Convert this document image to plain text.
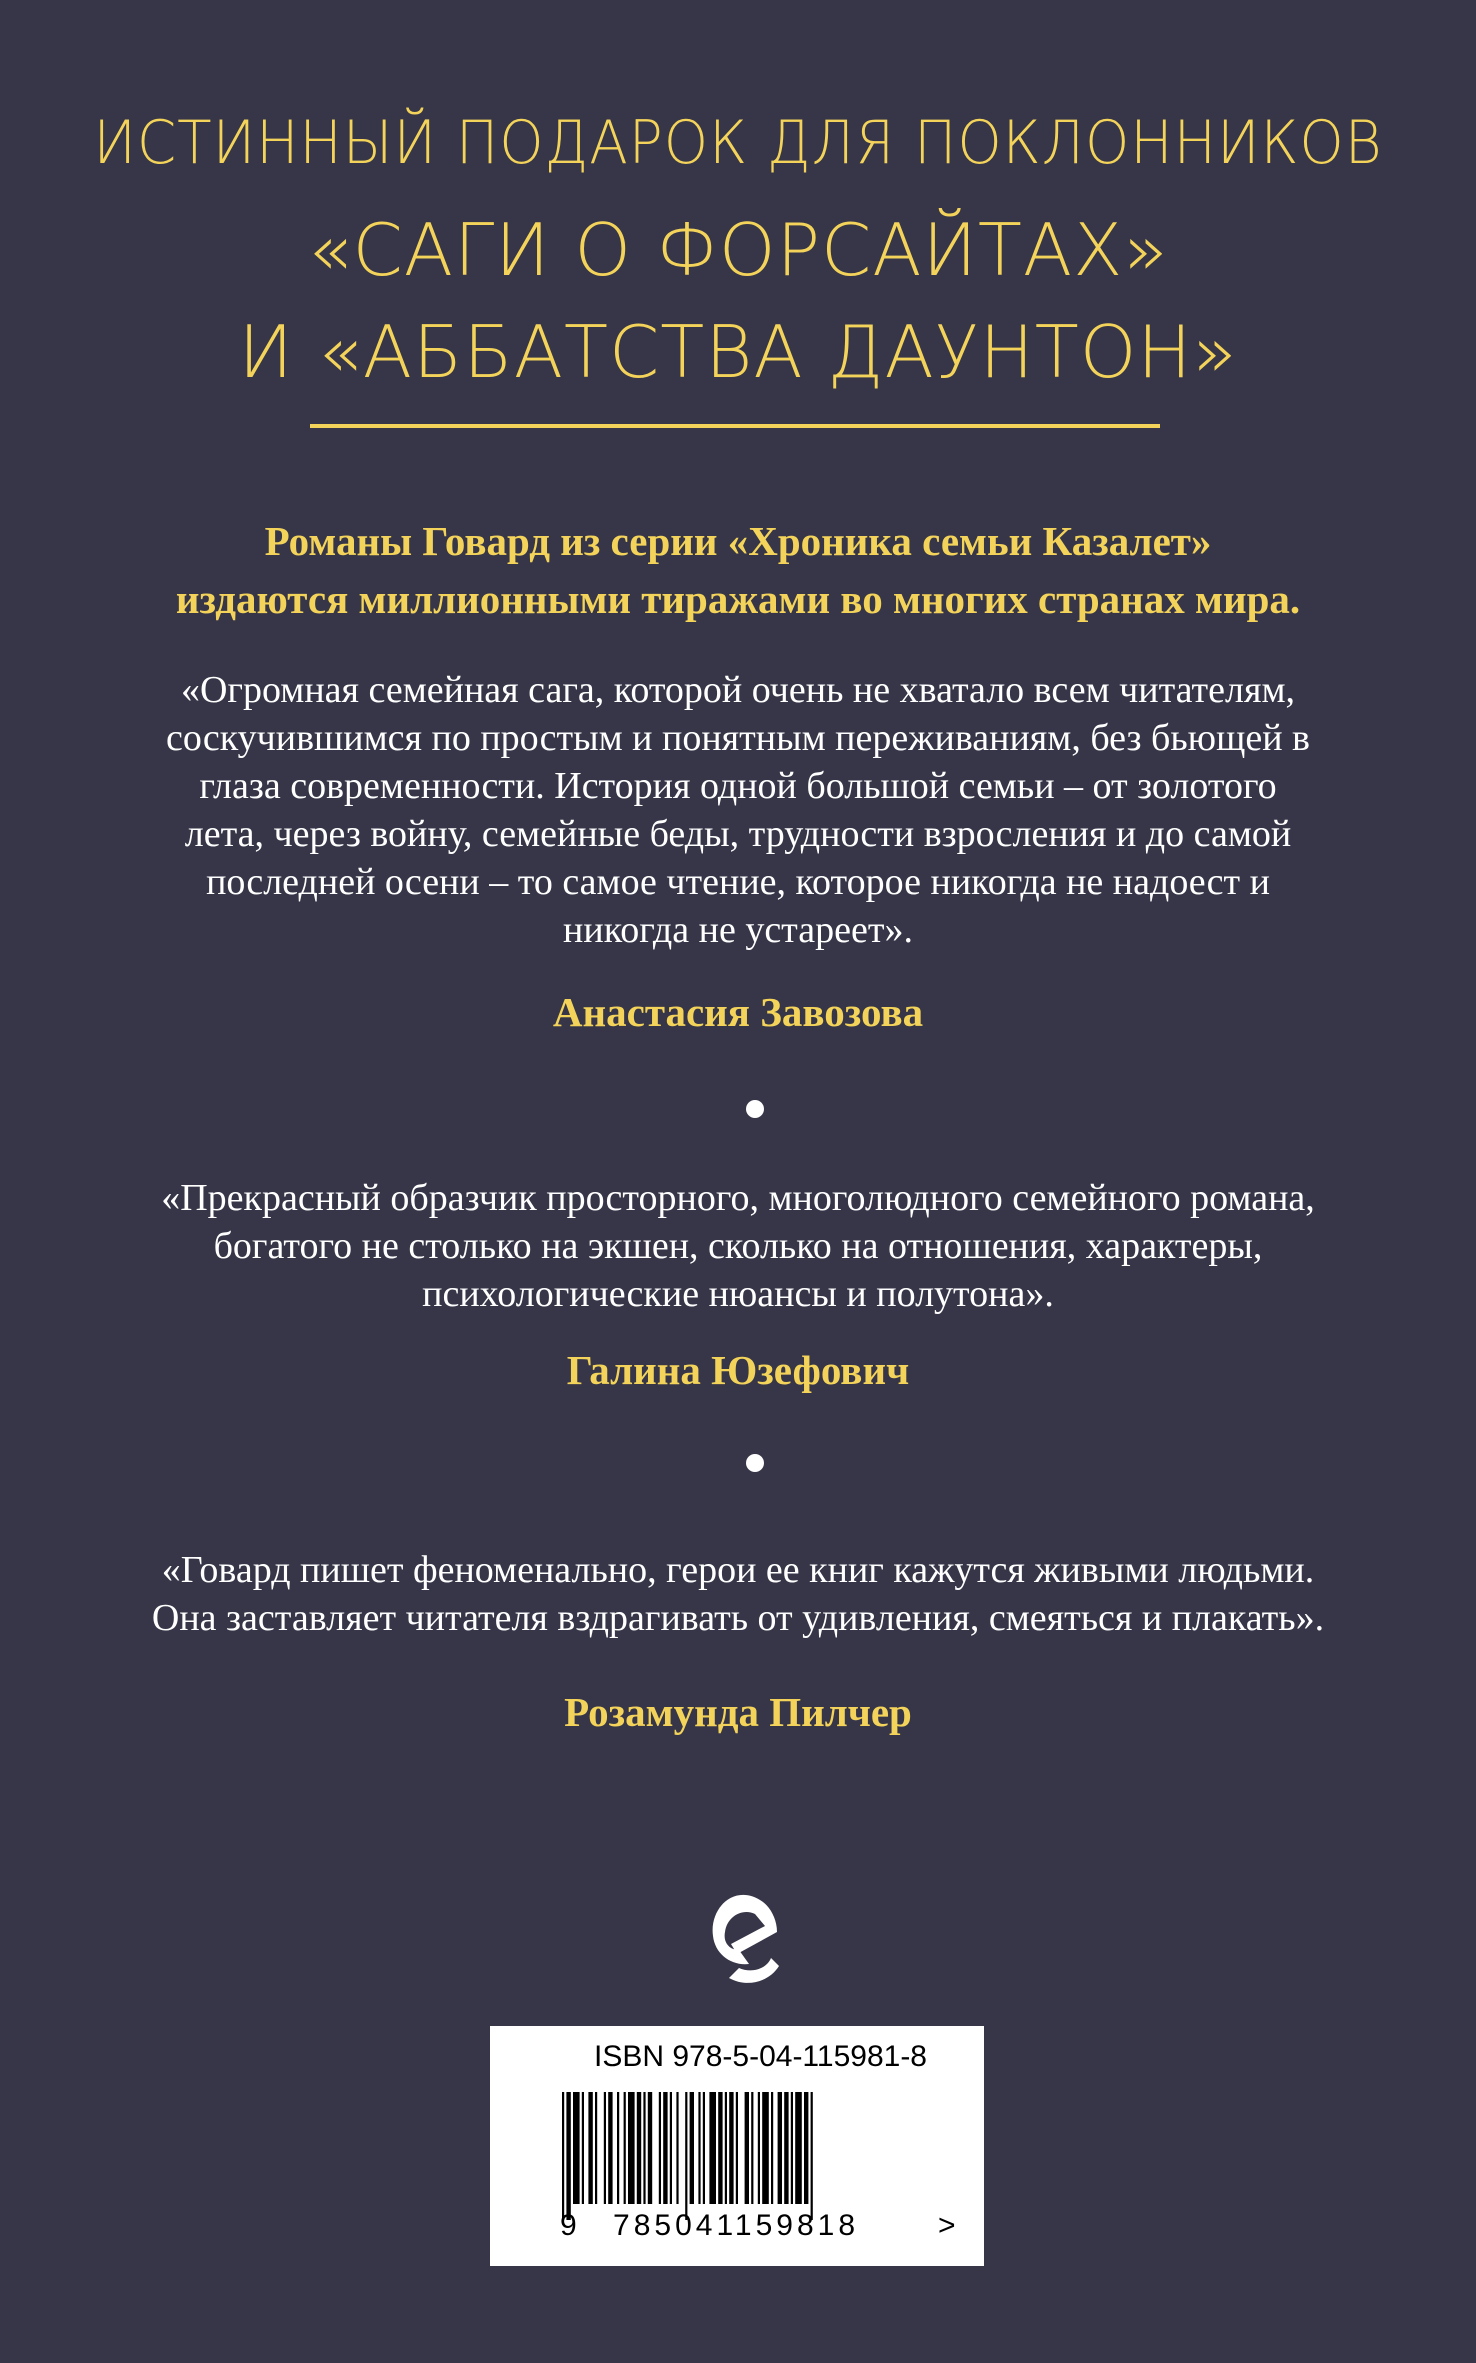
ИСТИННЫЙ ПОДАРОК ДЛЯ ПОКЛОННИКОВ
«САГИ О ФОРСАЙТАХ»
И «АББАТСТВА ДАУНТОН»
Романы Говард из серии «Хроника семьи Казалет»
издаются миллионными тиражами во многих странах мира.
«Огромная семейная сага, которой очень не хватало всем читателям,
соскучившимся по простым и понятным переживаниям, без бьющей в
глаза современности. История одной большой семьи – от золотого
лета, через войну, семейные беды, трудности взросления и до самой
последней осени – то самое чтение, которое никогда не надоест и
никогда не устареет».
Анастасия Завозова
«Прекрасный образчик просторного, многолюдного семейного романа,
богатого не столько на экшен, сколько на отношения, характеры,
психологические нюансы и полутона».
Галина Юзефович
«Говард пишет феноменально, герои ее книг кажутся живыми людьми.
Она заставляет читателя вздрагивать от удивления, смеяться и плакать».
Розамунда Пилчер
ISBN 978-5-04-115981-8
9 785041159818	>
